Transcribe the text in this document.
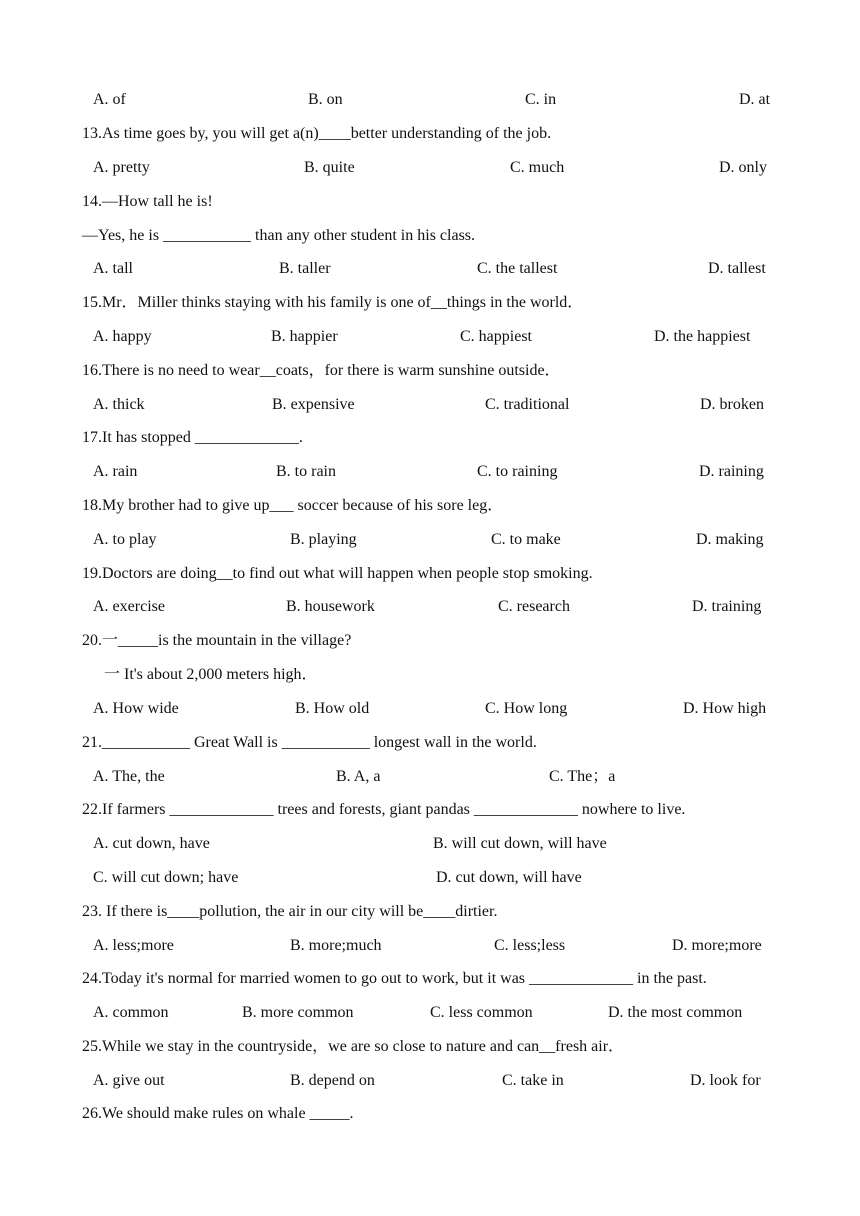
A. of	B. on	C. in	D. at
13.As time goes by, you will get a(n)____better understanding of the job.
A. pretty	B. quite	C. much	D. only
14.—How tall he is!
—Yes, he is ___________ than any other student in his class.
A. tall	B. taller	C. the tallest	D. tallest
15.Mr．Miller thinks staying with his family is one of__things in the world．
A. happy	B. happier	C. happiest	D. the happiest
16.There is no need to wear__coats，for there is warm sunshine outside．
A. thick	B. expensive	C. traditional	D. broken
17.It has stopped _____________.
A. rain	B. to rain	C. to raining	D. raining
18.My brother had to give up___ soccer because of his sore leg．
A. to play	B. playing	C. to make	D. making
19.Doctors are doing__to find out what will happen when people stop smoking.
A. exercise	B. housework	C. research	D. training
20.一_____is the mountain in the village?
一 It's about 2,000 meters high．
A. How wide	B. How old	C. How long	D. How high
21.___________ Great Wall is ___________ longest wall in the world.
A. The, the	B. A, a	C. The；a
22.If farmers _____________ trees and forests, giant pandas _____________ nowhere to live.
A. cut down, have	B. will cut down, will have
C. will cut down; have	D. cut down, will have
23. If there is____pollution, the air in our city will be____dirtier.
A. less;more	B. more;much	C. less;less	D. more;more
24.Today it's normal for married women to go out to work, but it was _____________ in the past.
A. common	B. more common	C. less common	D. the most common
25.While we stay in the countryside，we are so close to nature and can__fresh air．
A. give out	B. depend on	C. take in	D. look for
26.We should make rules on whale _____.
